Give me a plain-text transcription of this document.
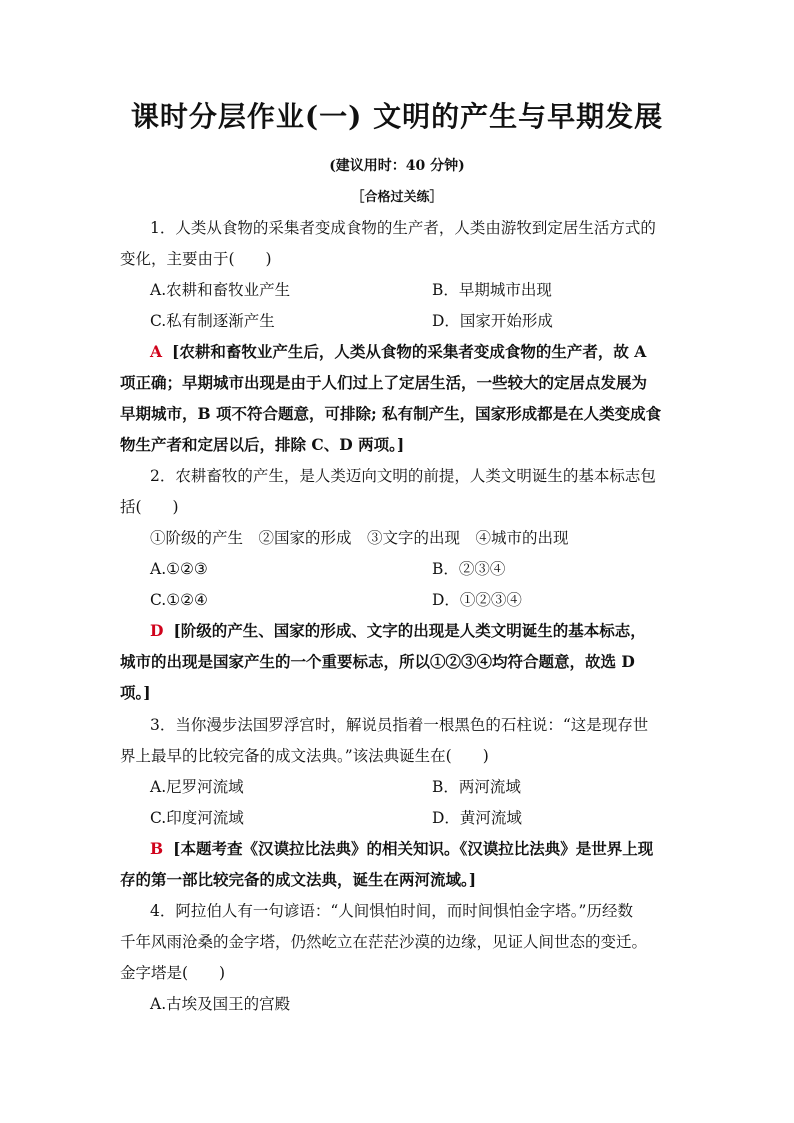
课时分层作业(一) 文明的产生与早期发展
(建议用时：40 分钟)
［合格过关练］
1．人类从食物的采集者变成食物的生产者，人类由游牧到定居生活方式的
变化，主要由于(　　)
A.农耕和畜牧业产生	B．早期城市出现
C.私有制逐渐产生	D．国家开始形成
A [农耕和畜牧业产生后，人类从食物的采集者变成食物的生产者，故 A
项正确；早期城市出现是由于人们过上了定居生活，一些较大的定居点发展为
早期城市，B 项不符合题意，可排除; 私有制产生，国家形成都是在人类变成食
物生产者和定居以后，排除 C、D 两项。]
2．农耕畜牧的产生，是人类迈向文明的前提，人类文明诞生的基本标志包
括(　　)
①阶级的产生　②国家的形成　③文字的出现　④城市的出现
A.①②③	B．②③④
C.①②④	D．①②③④
D [阶级的产生、国家的形成、文字的出现是人类文明诞生的基本标志，
城市的出现是国家产生的一个重要标志，所以①②③④均符合题意，故选 D
项。]
3．当你漫步法国罗浮宫时，解说员指着一根黑色的石柱说：“这是现存世
界上最早的比较完备的成文法典。”该法典诞生在(　　)
A.尼罗河流域	B．两河流域
C.印度河流域	D．黄河流域
B [本题考查《汉谟拉比法典》的相关知识。《汉谟拉比法典》是世界上现
存的第一部比较完备的成文法典，诞生在两河流域。]
4．阿拉伯人有一句谚语：“人间惧怕时间，而时间惧怕金字塔。”历经数
千年风雨沧桑的金字塔，仍然屹立在茫茫沙漠的边缘，见证人间世态的变迁。
金字塔是(　　)
A.古埃及国王的宫殿
